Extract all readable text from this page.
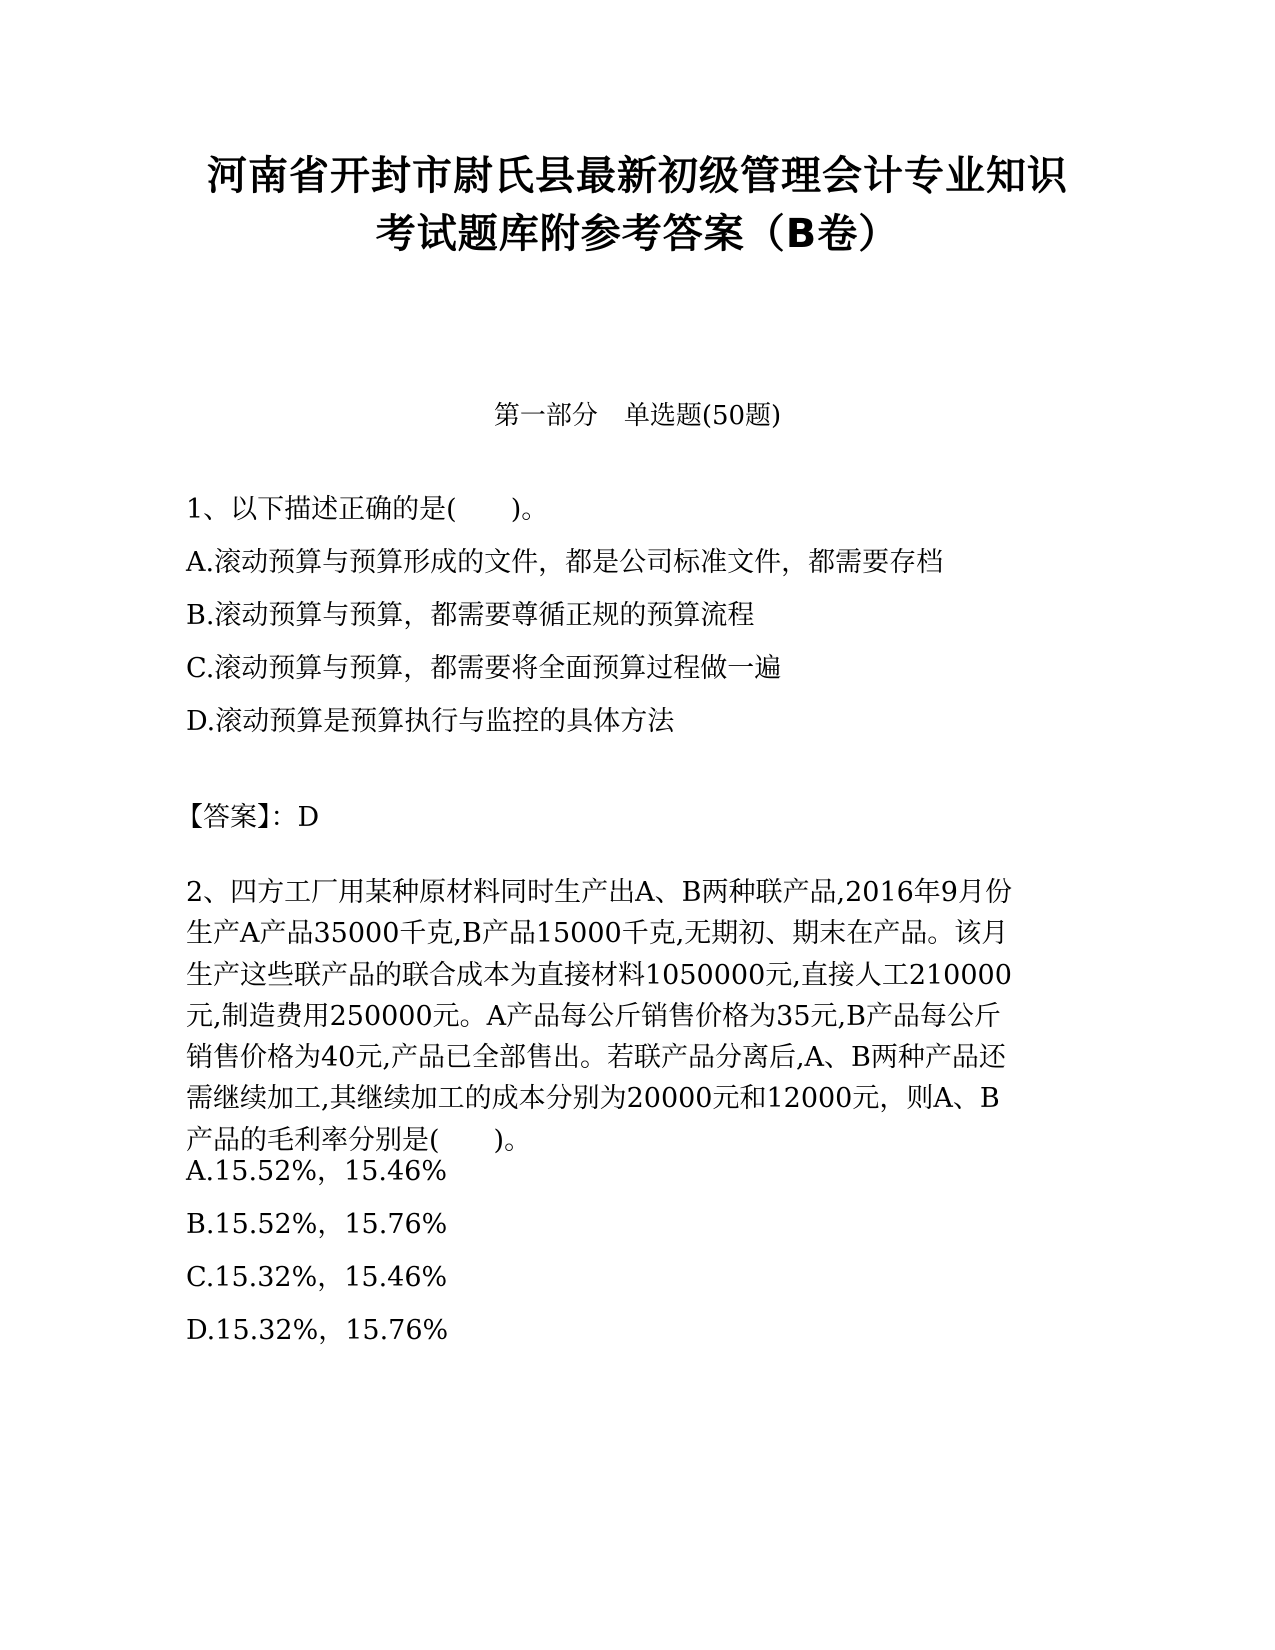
河南省开封市尉氏县最新初级管理会计专业知识
考试题库附参考答案（B卷）
第一部分　单选题(50题)
1、以下描述正确的是(　　)。
A.滚动预算与预算形成的文件，都是公司标准文件，都需要存档
B.滚动预算与预算，都需要尊循正规的预算流程
C.滚动预算与预算，都需要将全面预算过程做一遍
D.滚动预算是预算执行与监控的具体方法
【答案】：D
2、四方工厂用某种原材料同时生产出A、B两种联产品,2016年9月份
生产A产品35000千克,B产品15000千克,无期初、期末在产品。该月
生产这些联产品的联合成本为直接材料1050000元,直接人工210000
元,制造费用250000元。A产品每公斤销售价格为35元,B产品每公斤
销售价格为40元,产品已全部售出。若联产品分离后,A、B两种产品还
需继续加工,其继续加工的成本分别为20000元和12000元，则A、B
产品的毛利率分别是(　　)。
A.15.52%，15.46%
B.15.52%，15.76%
C.15.32%，15.46%
D.15.32%，15.76%
